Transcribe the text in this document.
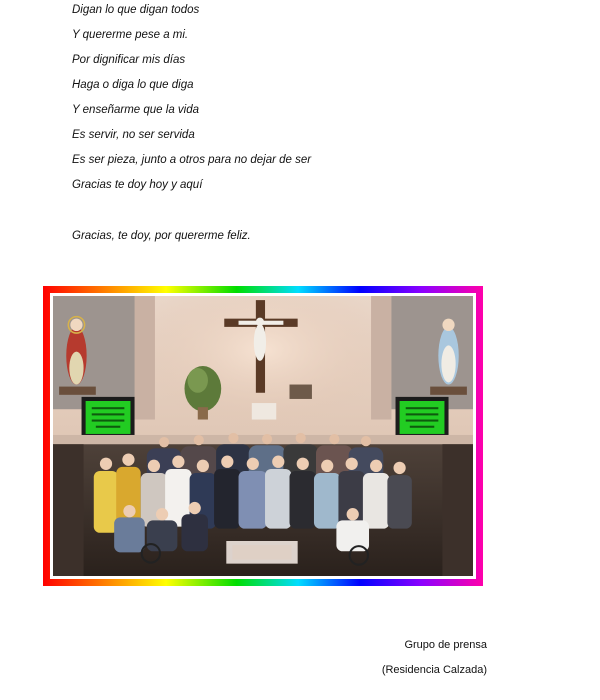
Digan lo que digan todos
Y quererme pese a mi.
Por dignificar mis días
Haga o diga lo que diga
Y enseñarme que la vida
Es servir, no ser servida
Es ser pieza, junto a otros para no dejar de ser
Gracias te doy hoy y aquí
Gracias, te doy, por quererme feliz.
Grupo de prensa
(Residencia Calzada)
